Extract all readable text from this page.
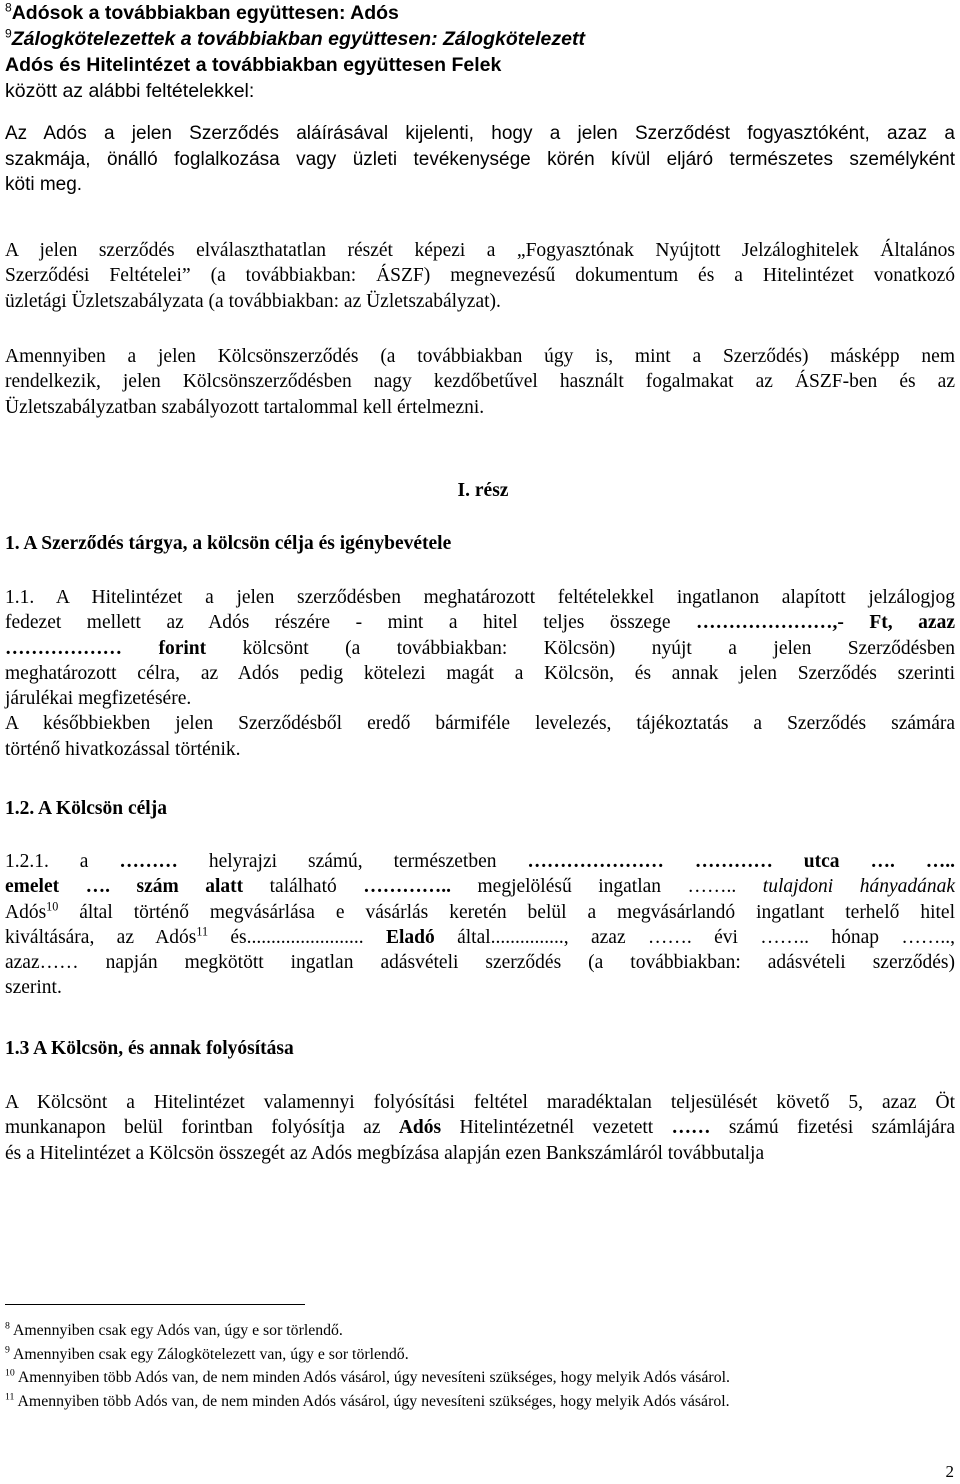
$^8$Adósok a továbbiakban együttesen: Adós

$^9$Zálogkötelezettek a továbbiakban együttesen: Zálogkötelezett

Adós és Hitelintézet a továbbiakban együttesen Felek

között az alábbi feltételekkel:

Az Adós a jelen Szerződés aláírásával kijelenti, hogy a jelen Szerződést fogyasztóként, azaz a

szakmája, önálló foglalkozása vagy üzleti tevékenysége körén kívül eljáró természetes személyként

köti meg.

A jelen szerződés elválaszthatatlan részét képezi a „Fogyasztónak Nyújtott Jelzáloghitelek Általános

Szerződési Feltételei” (a továbbiakban: ÁSZF) megnevezésű dokumentum és a Hitelintézet vonatkozó

üzletági Üzletszabályzata (a továbbiakban: az Üzletszabályzat).

Amennyiben a jelen Kölcsönszerződés (a továbbiakban úgy is, mint a Szerződés) másképp nem

rendelkezik, jelen Kölcsönszerződésben nagy kezdőbetűvel használt fogalmakat az ÁSZF-ben és az

Üzletszabályzatban szabályozott tartalommal kell értelmezni.

I. rész

1. A Szerződés tárgya, a kölcsön célja és igénybevétele

1.1. A Hitelintézet a jelen szerződésben meghatározott feltételekkel ingatlanon alapított jelzálogjog

fedezet mellett az Adós részére - mint a hitel teljes összege …………………,- Ft, azaz

……………… forint kölcsönt (a továbbiakban: Kölcsön) nyújt a jelen Szerződésben

meghatározott célra, az Adós pedig kötelezi magát a Kölcsön, és annak jelen Szerződés szerinti

járulékai megfizetésére.

A későbbiekben jelen Szerződésből eredő bármiféle levelezés, tájékoztatás a Szerződés számára

történő hivatkozással történik.

1.2. A Kölcsön célja

1.2.1. a ……… helyrajzi számú, természetben ………………… ………… utca …. …..

emelet …. szám alatt található ………….. megjelölésű ingatlan …….. tulajdoni hányadának

Adós$^{10}$ által történő megvásárlása e vásárlás keretén belül a megvásárlandó ingatlant terhelő hitel

kiváltására, az Adós$^{11}$ és........................ Eladó által..............., azaz ……. évi …….. hónap ……..,

azaz…… napján megkötött ingatlan adásvételi szerződés (a továbbiakban: adásvételi szerződés)

szerint.

1.3 A Kölcsön, és annak folyósítása

A Kölcsönt a Hitelintézet valamennyi folyósítási feltétel maradéktalan teljesülését követő 5, azaz Öt

munkanapon belül forintban folyósítja az Adós Hitelintézetnél vezetett …… számú fizetési számlájára

és a Hitelintézet a Kölcsön összegét az Adós megbízása alapján ezen Bankszámláról továbbutalja

$^8$ Amennyiben csak egy Adós van, úgy e sor törlendő.

$^9$ Amennyiben csak egy Zálogkötelezett van, úgy e sor törlendő.

$^{10}$ Amennyiben több Adós van, de nem minden Adós vásárol, úgy nevesíteni szükséges, hogy melyik Adós vásárol.

$^{11}$ Amennyiben több Adós van, de nem minden Adós vásárol, úgy nevesíteni szükséges, hogy melyik Adós vásárol.

2
